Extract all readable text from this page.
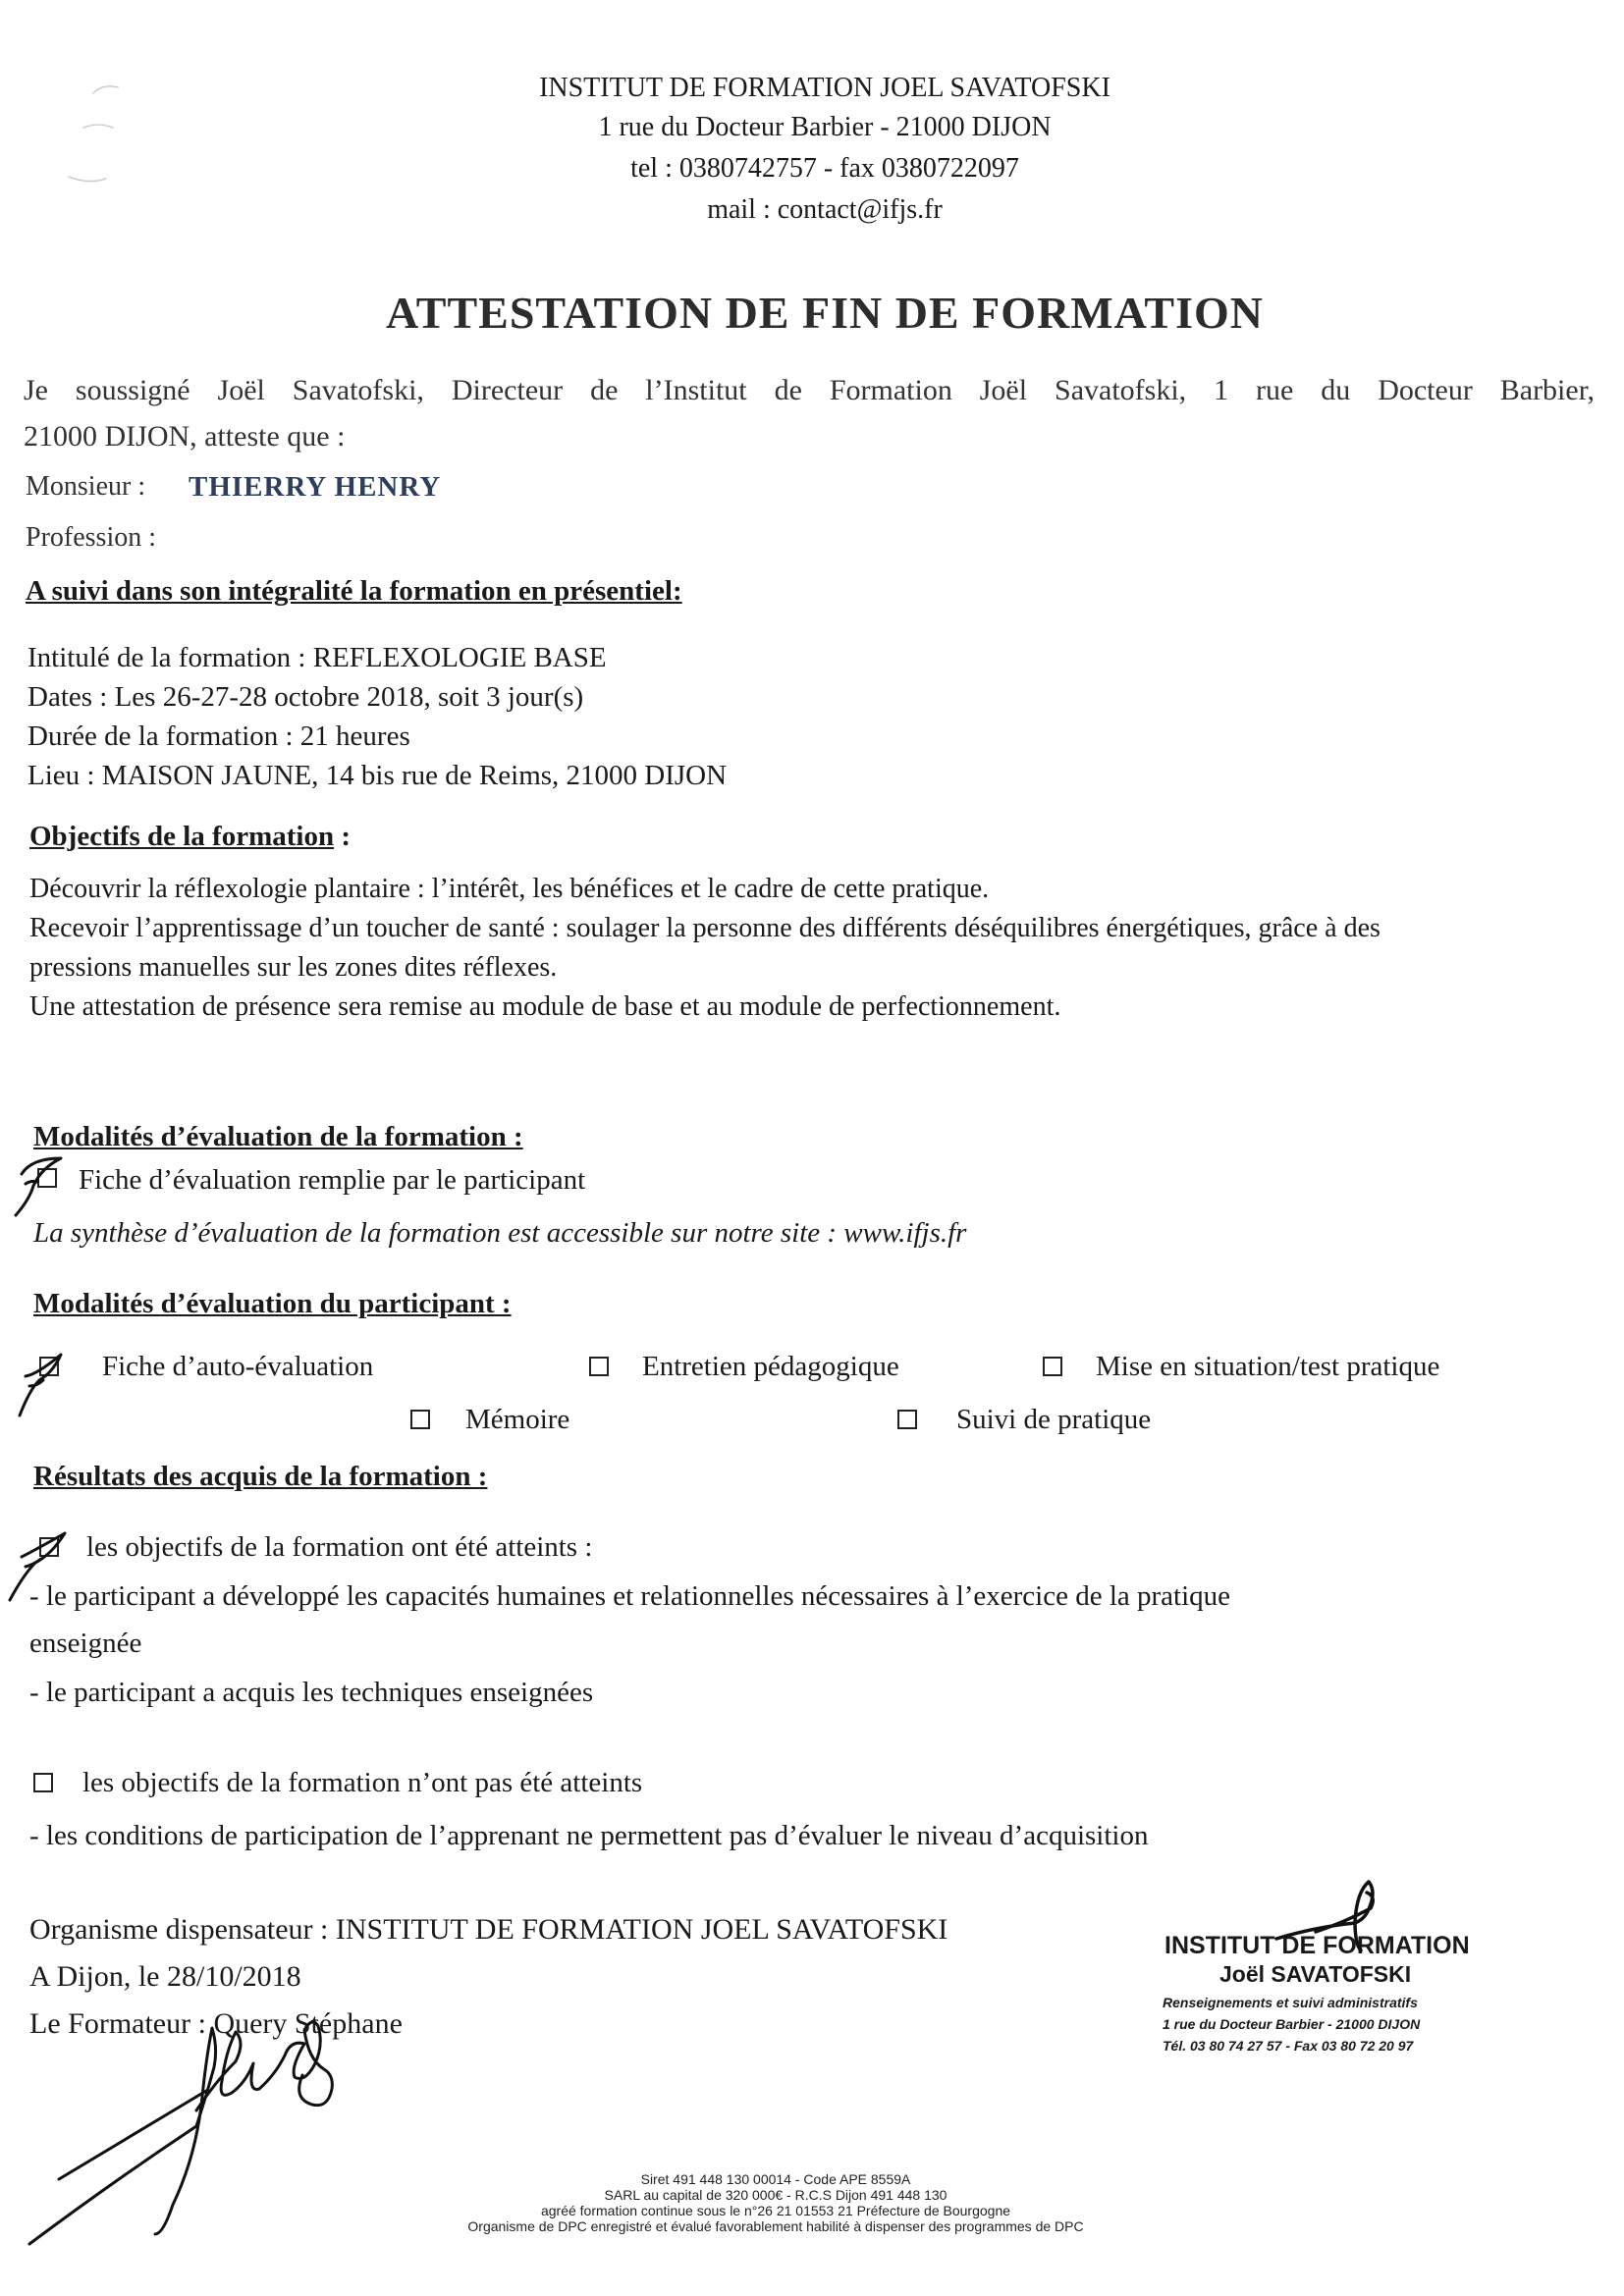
INSTITUT DE FORMATION JOEL SAVATOFSKI
1 rue du Docteur Barbier - 21000 DIJON
tel : 0380742757 - fax 0380722097
mail : contact@ifjs.fr
ATTESTATION DE FIN DE FORMATION
Je soussigné Joël Savatofski, Directeur de l’Institut de Formation Joël Savatofski, 1 rue du Docteur Barbier,
21000 DIJON, atteste que :
Monsieur : THIERRY HENRY
Profession :
A suivi dans son intégralité la formation en présentiel:
Intitulé de la formation : REFLEXOLOGIE BASE
Dates : Les 26-27-28 octobre 2018, soit 3 jour(s)
Durée de la formation : 21 heures
Lieu : MAISON JAUNE, 14 bis rue de Reims, 21000 DIJON
Objectifs de la formation :
Découvrir la réflexologie plantaire : l’intérêt, les bénéfices et le cadre de cette pratique.
Recevoir l’apprentissage d’un toucher de santé : soulager la personne des différents déséquilibres énergétiques, grâce à des
pressions manuelles sur les zones dites réflexes.
Une attestation de présence sera remise au module de base et au module de perfectionnement.
Modalités d’évaluation de la formation :
Fiche d’évaluation remplie par le participant
La synthèse d’évaluation de la formation est accessible sur notre site : www.ifjs.fr
Modalités d’évaluation du participant :
Fiche d’auto-évaluation	Entretien pédagogique	Mise en situation/test pratique
Mémoire	Suivi de pratique
Résultats des acquis de la formation :
les objectifs de la formation ont été atteints :
- le participant a développé les capacités humaines et relationnelles nécessaires à l’exercice de la pratique
enseignée
- le participant a acquis les techniques enseignées
les objectifs de la formation n’ont pas été atteints
- les conditions de participation de l’apprenant ne permettent pas d’évaluer le niveau d’acquisition
Organisme dispensateur : INSTITUT DE FORMATION JOEL SAVATOFSKI
A Dijon, le 28/10/2018
Le Formateur : Query Stéphane
INSTITUT DE FORMATION
Joël SAVATOFSKI
Renseignements et suivi administratifs
1 rue du Docteur Barbier - 21000 DIJON
Tél. 03 80 74 27 57 - Fax 03 80 72 20 97
Siret 491 448 130 00014 - Code APE 8559A
SARL au capital de 320 000€ - R.C.S Dijon 491 448 130
agréé formation continue sous le n°26 21 01553 21 Préfecture de Bourgogne
Organisme de DPC enregistré et évalué favorablement habilité à dispenser des programmes de DPC
